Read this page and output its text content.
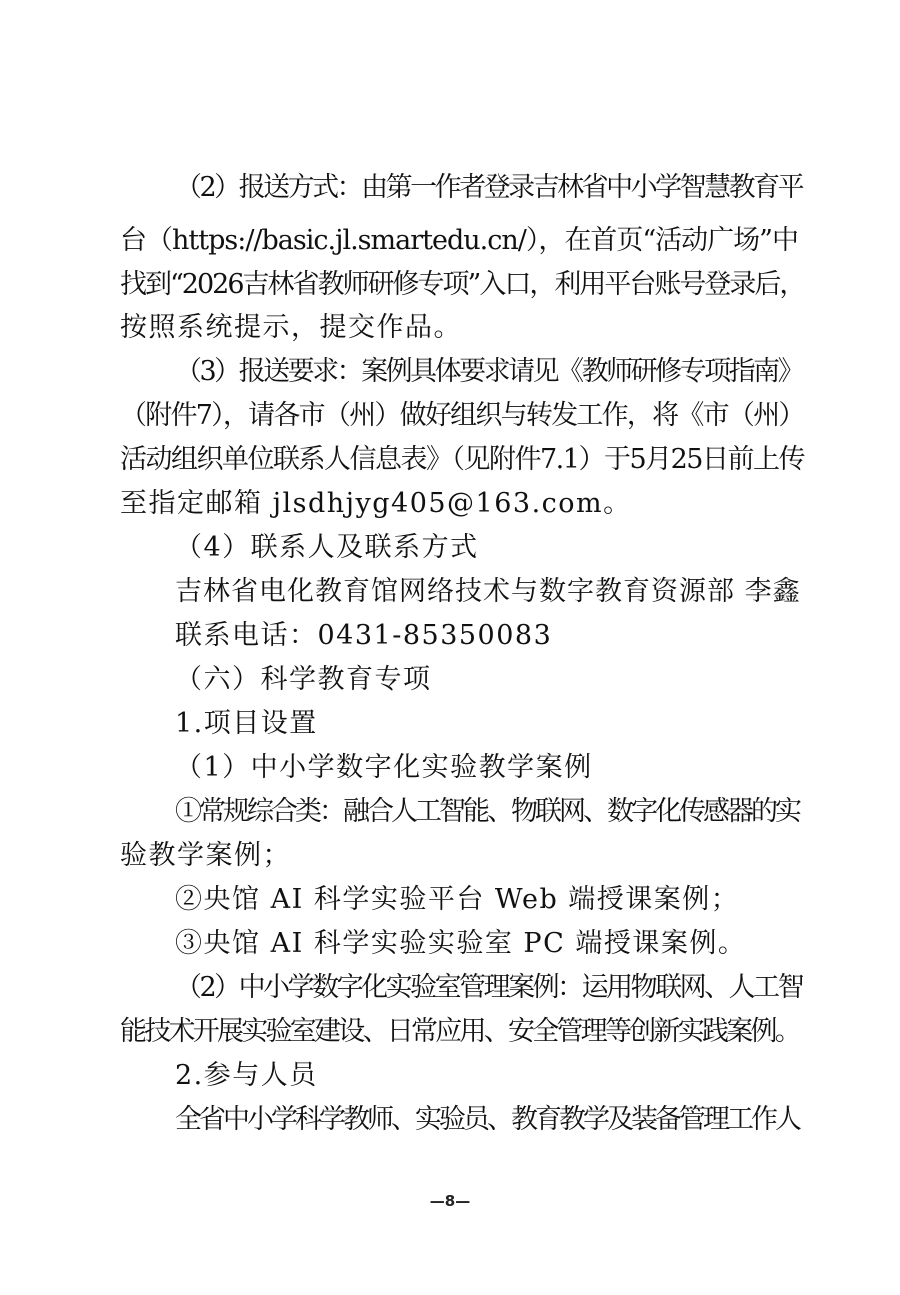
（2）报送方式：由第一作者登录吉林省中小学智慧教育平
台（https://basic.jl.smartedu.cn/），在首页“活动广场”中
找到“2026吉林省教师研修专项”入口，利用平台账号登录后，
按照系统提示，提交作品。
（3）报送要求：案例具体要求请见《教师研修专项指南》
（附件7），请各市（州）做好组织与转发工作，将《市（州）
活动组织单位联系人信息表》（见附件7.1）于5月25日前上传
至指定邮箱 jlsdhjyg405@163.com。
（4）联系人及联系方式
吉林省电化教育馆网络技术与数字教育资源部 李鑫
联系电话：0431-85350083
（六）科学教育专项
1.项目设置
（1）中小学数字化实验教学案例
①常规综合类：融合人工智能、物联网、数字化传感器的实
验教学案例；
②央馆 AI 科学实验平台 Web 端授课案例；
③央馆 AI 科学实验实验室 PC 端授课案例。
（2）中小学数字化实验室管理案例：运用物联网、人工智
能技术开展实验室建设、日常应用、安全管理等创新实践案例。
2.参与人员
全省中小学科学教师、实验员、教育教学及装备管理工作人
—8—
